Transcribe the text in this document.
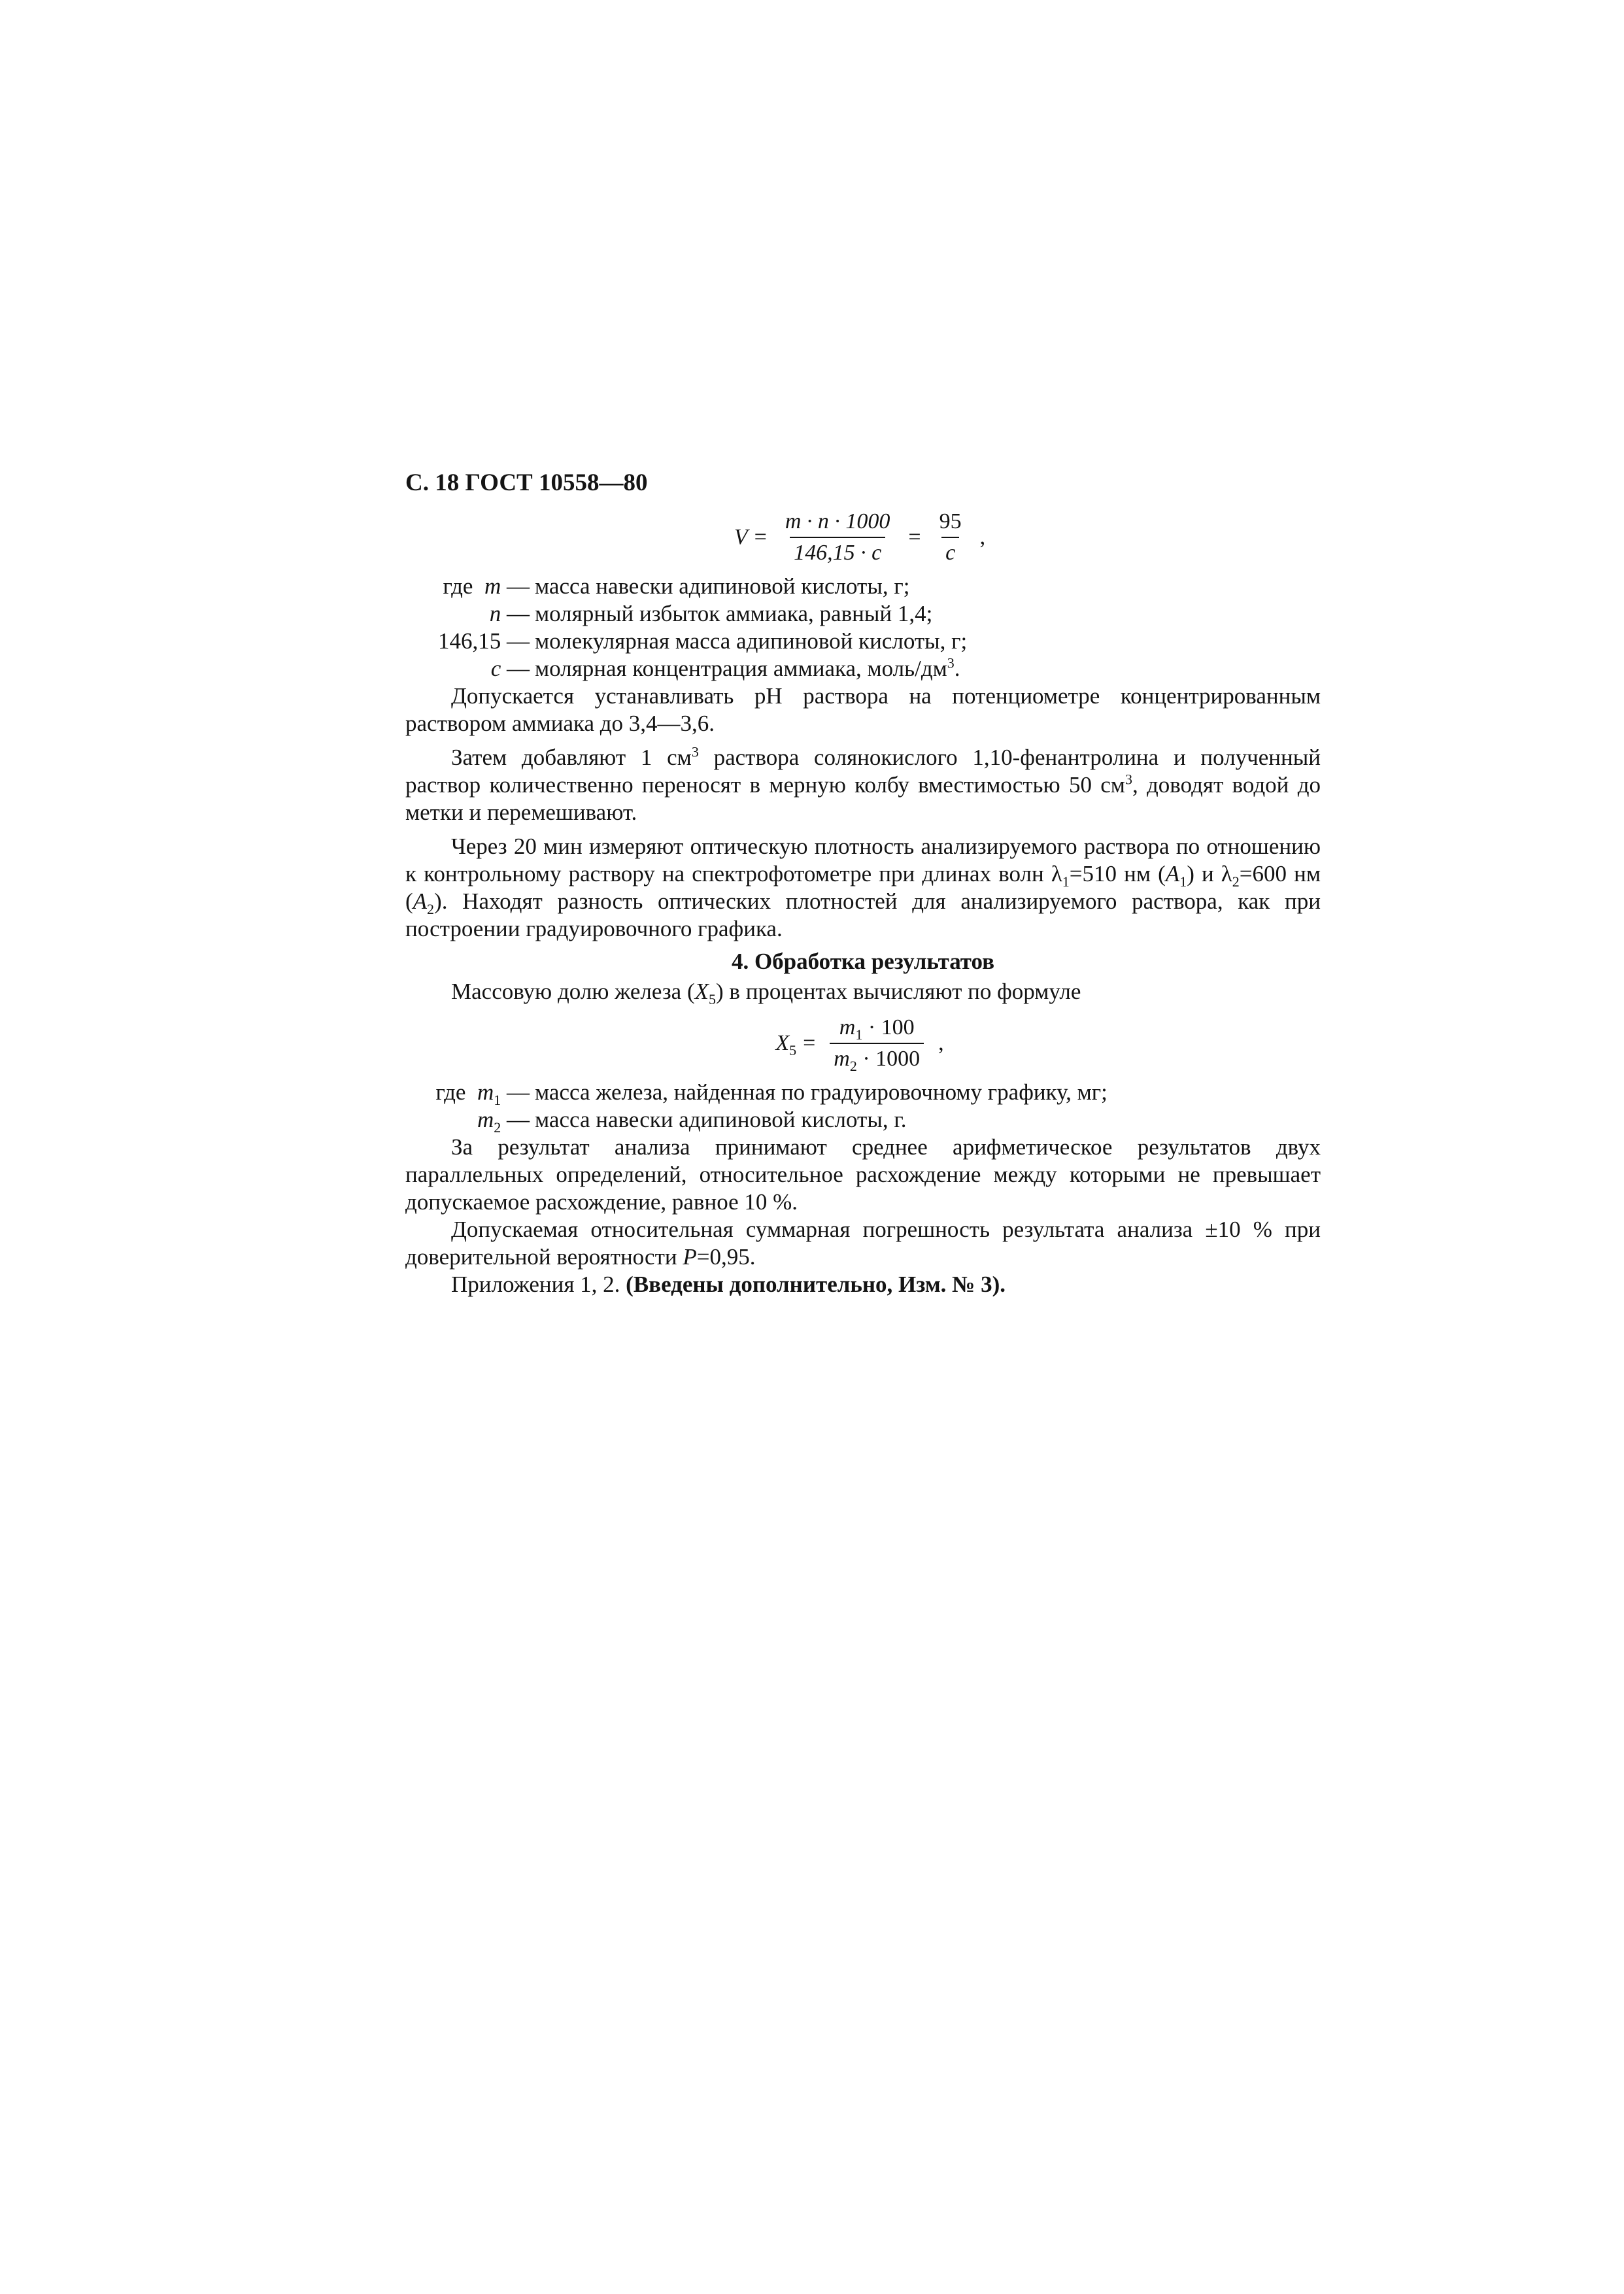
С. 18 ГОСТ 10558—80
$V = \frac{m \cdot n \cdot 1000}{146,15 \cdot c} = \frac{95}{c}$ ,
где m — масса навески адипиновой кислоты, г;
n — молярный избыток аммиака, равный 1,4;
146,15 — молекулярная масса адипиновой кислоты, г;
c — молярная концентрация аммиака, моль/$дм^3$.

Допускается устанавливать pH раствора на потенциометре концентрированным раствором аммиака до 3,4—3,6.

Затем добавляют 1 $см^3$ раствора солянокислого 1,10-фенантролина и полученный раствор количественно переносят в мерную колбу вместимостью 50 $см^3$, доводят водой до метки и перемешивают.

Через 20 мин измеряют оптическую плотность анализируемого раствора по отношению к контрольному раствору на спектрофотометре при длинах волн $\lambda_1=510$ нм $(A_1)$ и $\lambda_2=600$ нм $(A_2)$. Находят разность оптических плотностей для анализируемого раствора, как при построении градуировочного графика.

4. Обработка результатов

Массовую долю железа $(X_5)$ в процентах вычисляют по формуле

$X_5 = \frac{m_1 \cdot 100}{m_2 \cdot 1000}$ ,
где $m_1$ — масса железа, найденная по градуировочному графику, мг;
$m_2$ — масса навески адипиновой кислоты, г.

За результат анализа принимают среднее арифметическое результатов двух параллельных определений, относительное расхождение между которыми не превышает допускаемое расхождение, равное 10 %.

Допускаемая относительная суммарная погрешность результата анализа ±10 % при доверительной вероятности P=0,95.

Приложения 1, 2. (Введены дополнительно, Изм. № 3).
